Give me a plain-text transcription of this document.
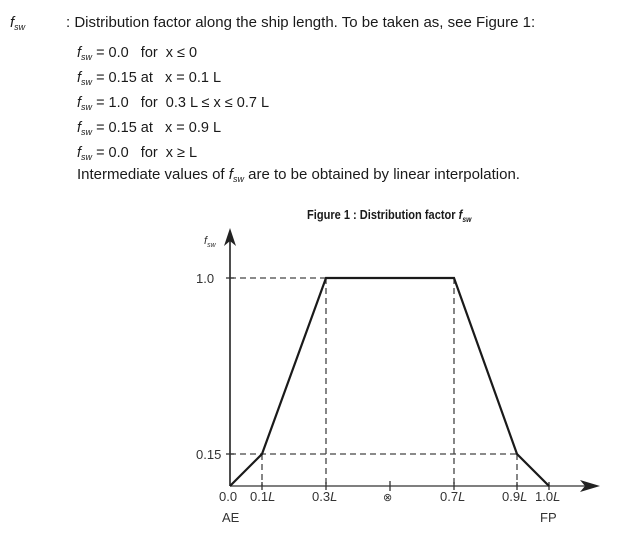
$f_{sw}$	: Distribution factor along the ship length. To be taken as, see Figure 1:
$f_{sw} = 0.0$   for  x ≤ 0
$f_{sw} = 0.15$ at   x = 0.1 L
$f_{sw} = 1.0$   for  0.3 L ≤ x ≤ 0.7 L
$f_{sw} = 0.15$ at   x = 0.9 L
$f_{sw} = 0.0$   for  x ≥ L
Intermediate values of $f_{sw}$ are to be obtained by linear interpolation.
Figure 1 : Distribution factor $f_{sw}$
$f_{sw}$
1.0
0.15
0.0 0.1L	0.3L	⊗	0.7L	0.9L 1.0L
AE	FP
